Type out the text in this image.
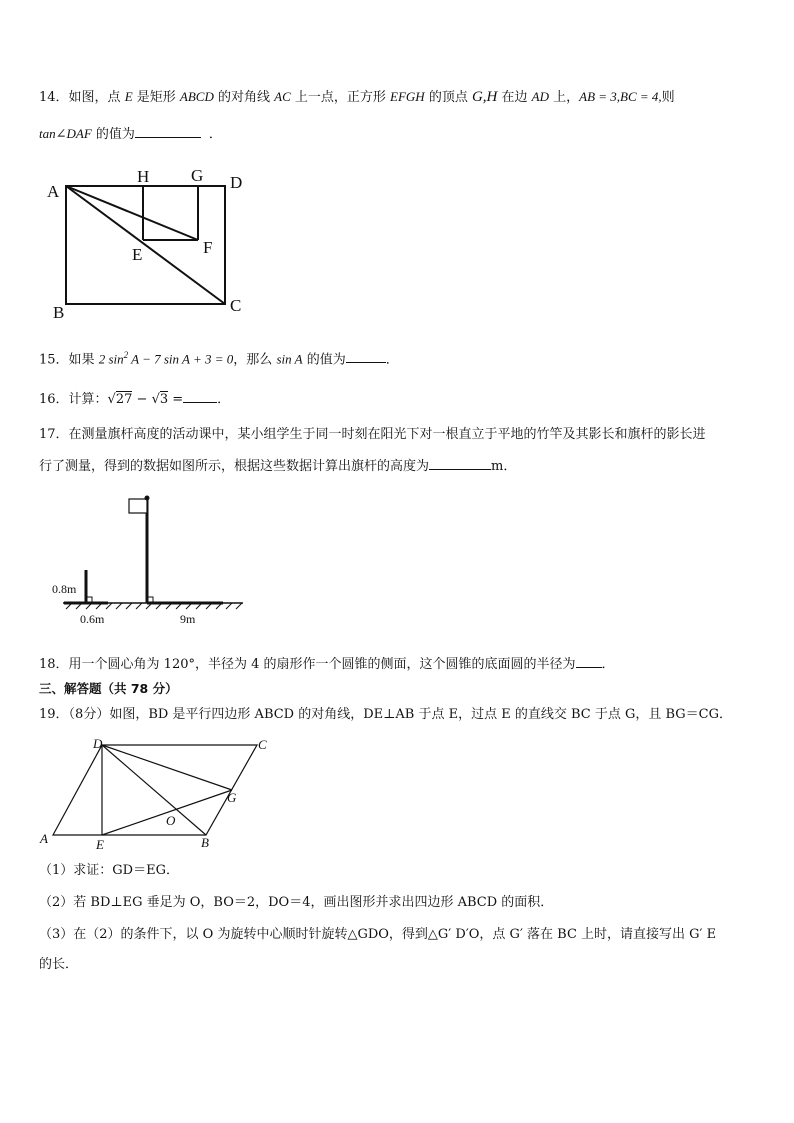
14．如图，点 E 是矩形 ABCD 的对角线 AC 上一点，正方形 EFGH 的顶点 G,H 在边 AD 上，AB = 3,BC = 4,则
tan∠DAF 的值为	．
A
B	C
D
E	F
G
H
15．如果 2 $\sin^2 A - 7$ sin A + 3 = 0，那么 sin A 的值为	．
16．计算：√27 − √3 =	．
17．在测量旗杆高度的活动课中，某小组学生于同一时刻在阳光下对一根直立于平地的竹竿及其影长和旗杆的影长进
行了测量，得到的数据如图所示，根据这些数据计算出旗杆的高度为	m．
0.8m
0.6m	9m
18．用一个圆心角为 120°，半径为 4 的扇形作一个圆锥的侧面，这个圆锥的底面圆的半径为 ．
三、解答题（共 78 分）
19．（8分）如图，BD 是平行四边形 ABCD 的对角线，DE⊥AB 于点 E，过点 E 的直线交 BC 于点 G，且 BG＝CG．
A	B
C
D
E
G
O
（1）求证：GD＝EG．
（2）若 BD⊥EG 垂足为 O，BO＝2，DO＝4，画出图形并求出四边形 ABCD 的面积．
（3）在（2）的条件下，以 O 为旋转中心顺时针旋转△GDO，得到△G′ D′O，点 G′ 落在 BC 上时，请直接写出 G′ E
的长．
